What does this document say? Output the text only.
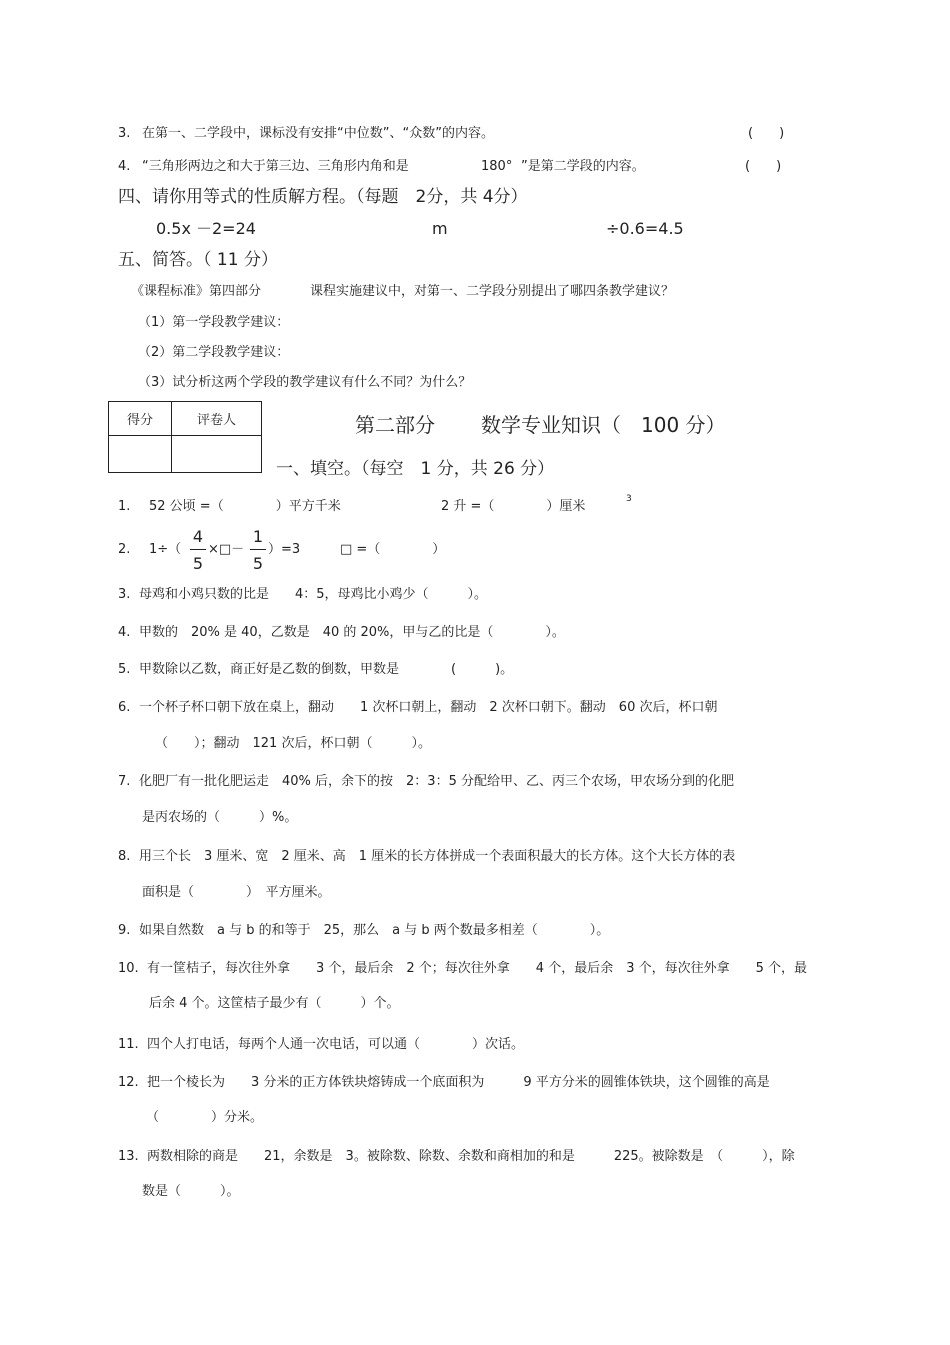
3. 在第一、二学段中，课标没有安排“中位数”、“众数”的内容。	(　　)
4. “三角形两边之和大于第三边、三角形内角和是	180° ”是第二学段的内容。	(　　)
四、请你用等式的性质解方程。（每题　2分，共 4分）
0.5x －2=24	m	÷0.6=4.5
五、简答。（ 11 分）
《课程标准》第四部分	课程实施建议中，对第一、二学段分别提出了哪四条教学建议？
（1）第一学段教学建议：
（2）第二学段教学建议：
（3）试分析这两个学段的教学建议有什么不同？为什么？
得分	评卷人
		第二部分 数学专业知识（　100 分）
一、填空。（每空　1 分，共 26 分）
1. 52 公顷 =（　　　　）平方千米	2 升 =（　　　　）厘米	3
2. 1÷（
4
5
×□－
1
5
）=3	□ =（　　　　）
3. 母鸡和小鸡只数的比是　　4：5，母鸡比小鸡少（　　　）。
4. 甲数的　20% 是 40，乙数是　40 的 20%，甲与乙的比是（　　　　）。
5. 甲数除以乙数，商正好是乙数的倒数，甲数是　　　　(　　　)。
6. 一个杯子杯口朝下放在桌上，翻动　　1 次杯口朝上，翻动　2 次杯口朝下。翻动　60 次后，杯口朝
（　　）；翻动　121 次后，杯口朝（　　　）。
7. 化肥厂有一批化肥运走　40% 后，余下的按　2：3：5 分配给甲、乙、丙三个农场，甲农场分到的化肥
是丙农场的（　　　）%。
8. 用三个长　3 厘米、宽　2 厘米、高　1 厘米的长方体拼成一个表面积最大的长方体。这个大长方体的表
面积是（　　　　）　平方厘米。
9. 如果自然数　a 与 b 的和等于　25，那么　a 与 b 两个数最多相差（　　　　）。
10. 有一筐桔子，每次往外拿　　3 个，最后余　2 个；每次往外拿　　4 个，最后余　3 个，每次往外拿　　5 个，最
后余 4 个。这筐桔子最少有（　　　）个。
11. 四个人打电话，每两个人通一次电话，可以通（　　　　）次话。
12. 把一个棱长为　　3 分米的正方体铁块熔铸成一个底面积为　　　9 平方分米的圆锥体铁块，这个圆锥的高是
（　　　　）分米。
13. 两数相除的商是　　21，余数是　3。被除数、除数、余数和商相加的和是　　　225。被除数是　（　　　），除
数是（　　　）。
